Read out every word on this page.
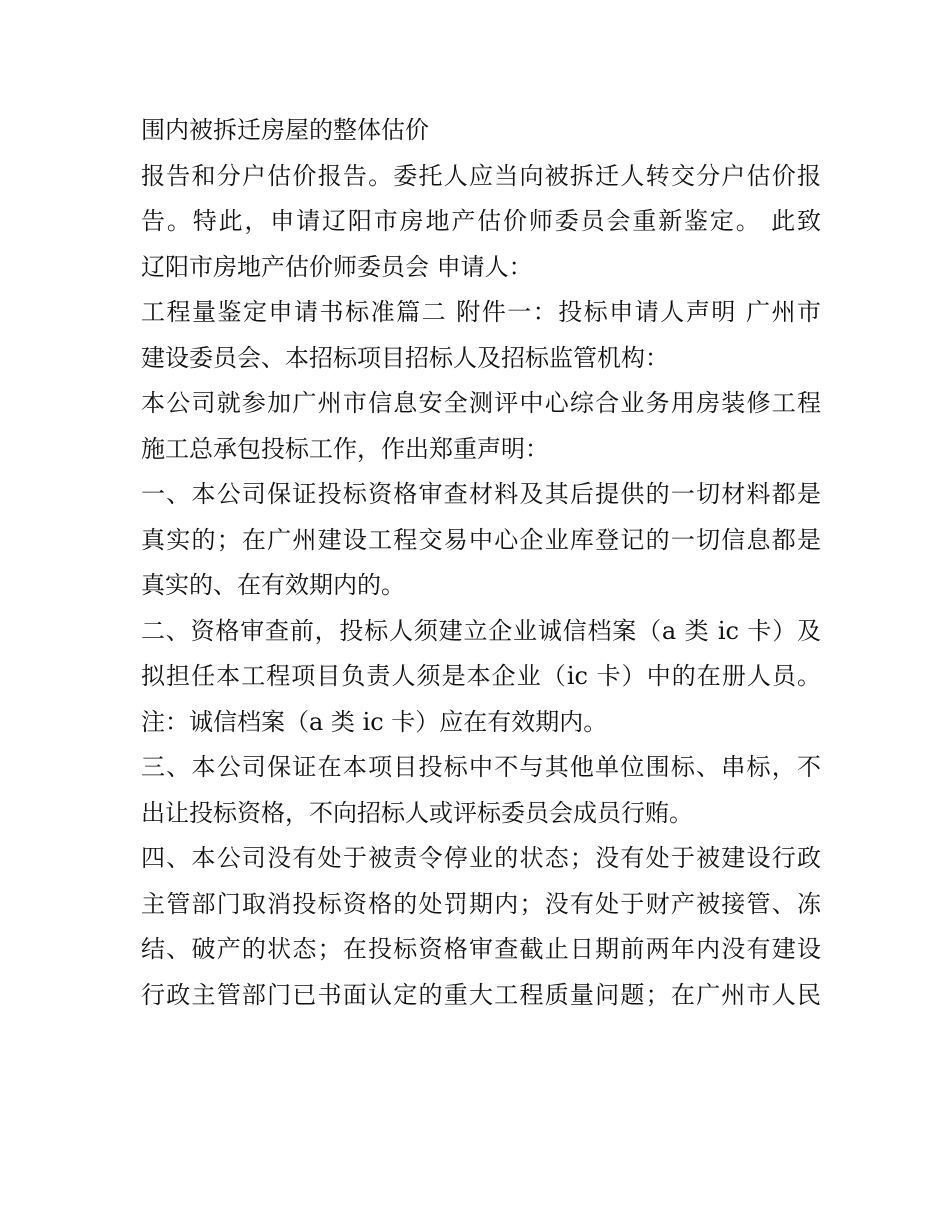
围内被拆迁房屋的整体估价
报告和分户估价报告。委托人应当向被拆迁人转交分户估价报
告。特此，申请辽阳市房地产估价师委员会重新鉴定。 此致
辽阳市房地产估价师委员会 申请人：
工程量鉴定申请书标准篇二 附件一：投标申请人声明 广州市
建设委员会、本招标项目招标人及招标监管机构：
本公司就参加广州市信息安全测评中心综合业务用房装修工程
施工总承包投标工作，作出郑重声明：
一、本公司保证投标资格审查材料及其后提供的一切材料都是
真实的；在广州建设工程交易中心企业库登记的一切信息都是
真实的、在有效期内的。
二、资格审查前，投标人须建立企业诚信档案（a 类 ic 卡）及
拟担任本工程项目负责人须是本企业（ic 卡）中的在册人员。
注：诚信档案（a 类 ic 卡）应在有效期内。
三、本公司保证在本项目投标中不与其他单位围标、串标，不
出让投标资格，不向招标人或评标委员会成员行贿。
四、本公司没有处于被责令停业的状态；没有处于被建设行政
主管部门取消投标资格的处罚期内；没有处于财产被接管、冻
结、破产的状态；在投标资格审查截止日期前两年内没有建设
行政主管部门已书面认定的重大工程质量问题；在广州市人民
